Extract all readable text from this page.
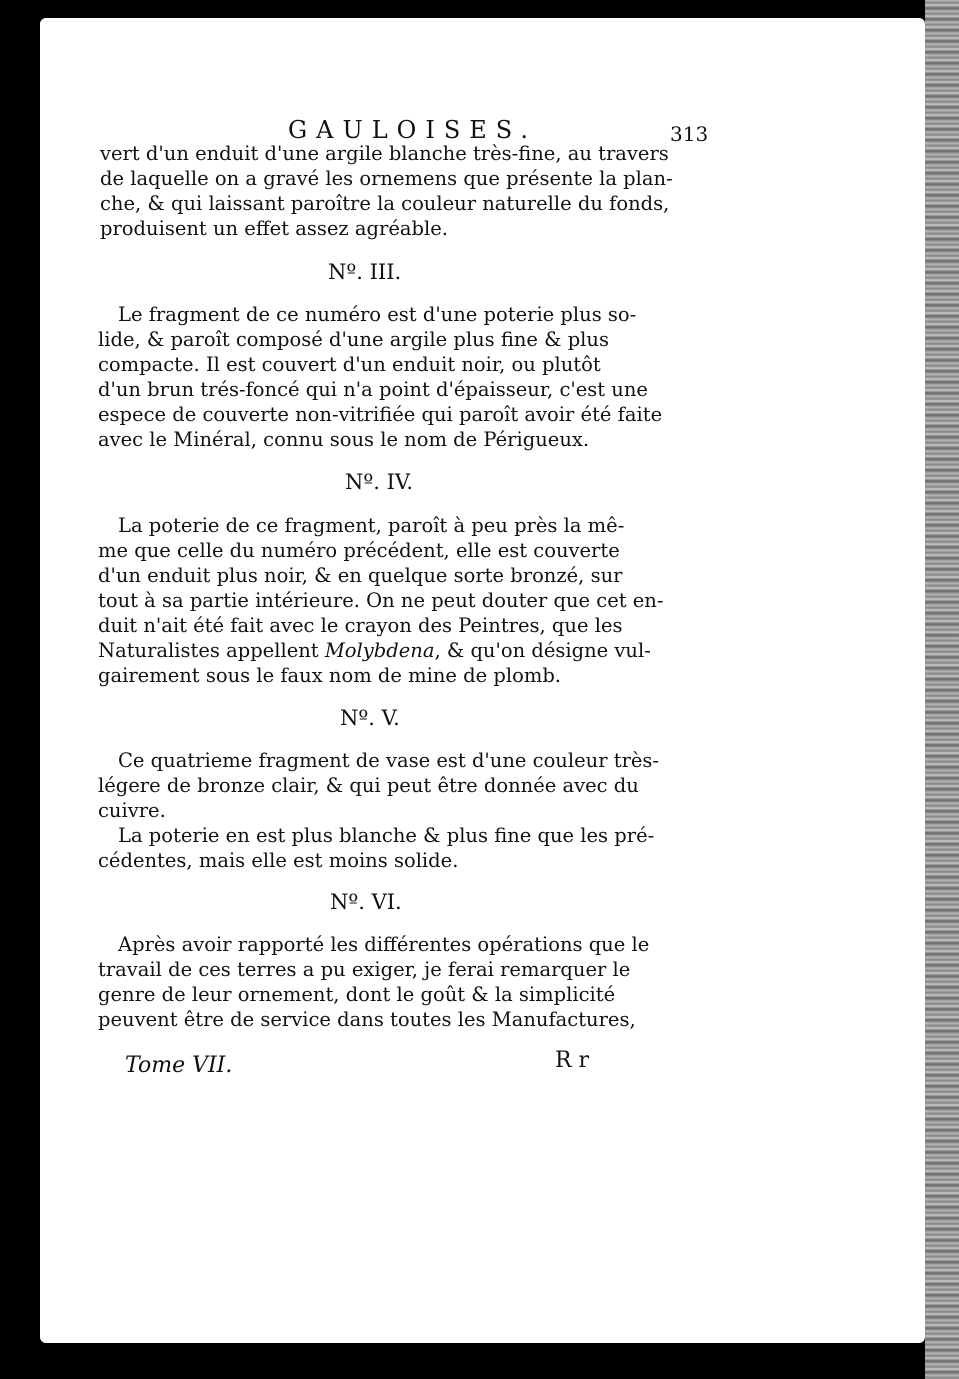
GAULOISES.	313
vert d'un enduit d'une argile blanche très-fine, au travers
de laquelle on a gravé les ornemens que présente la plan-
che, & qui laissant paroître la couleur naturelle du fonds,
produisent un effet assez agréable.
Nº. III.
Le fragment de ce numéro est d'une poterie plus so-
lide, & paroît composé d'une argile plus fine & plus
compacte. Il est couvert d'un enduit noir, ou plutôt
d'un brun trés-foncé qui n'a point d'épaisseur, c'est une
espece de couverte non-vitrifiée qui paroît avoir été faite
avec le Minéral, connu sous le nom de Périgueux.
Nº. IV.
La poterie de ce fragment, paroît à peu près la mê-
me que celle du numéro précédent, elle est couverte
d'un enduit plus noir, & en quelque sorte bronzé, sur
tout à sa partie intérieure. On ne peut douter que cet en-
duit n'ait été fait avec le crayon des Peintres, que les
Naturalistes appellent Molybdena, & qu'on désigne vul-
gairement sous le faux nom de mine de plomb.
Nº. V.
Ce quatrieme fragment de vase est d'une couleur très-
légere de bronze clair, & qui peut être donnée avec du
cuivre.
La poterie en est plus blanche & plus fine que les pré-
cédentes, mais elle est moins solide.
Nº. VI.
Après avoir rapporté les différentes opérations que le
travail de ces terres a pu exiger, je ferai remarquer le
genre de leur ornement, dont le goût & la simplicité
peuvent être de service dans toutes les Manufactures,
Tome VII.	R r
